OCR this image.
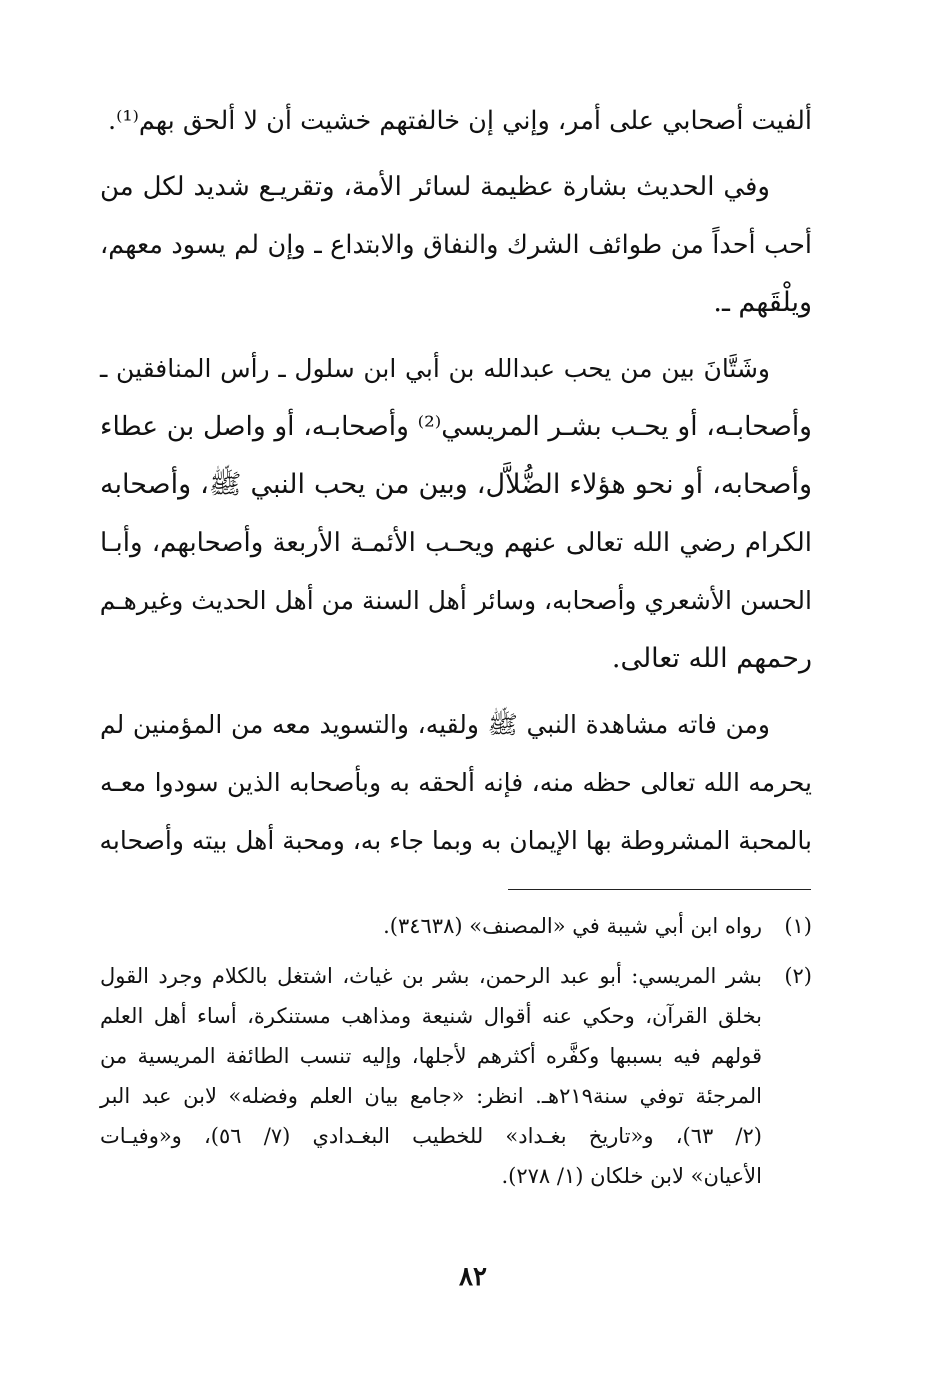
ألفيت أصحابي على أمر، وإني إن خالفتهم خشيت أن لا ألحق بهم⁽¹⁾.
وفي الحديث بشارة عظيمة لسائر الأمة، وتقريـع شديد لكل من
أحب أحداً من طوائف الشرك والنفاق والابتداع ـ وإن لم يسود معهم،
ويلْقَهم ـ.
وشَتَّانَ بين من يحب عبدالله بن أبي ابن سلول ـ رأس المنافقين ـ
وأصحابـه، أو يحـب بشـر المريسي⁽²⁾ وأصحابـه، أو واصل بن عطاء
وأصحابه، أو نحو هؤلاء الضُّلاَّل، وبين من يحب النبي ﷺ، وأصحابه
الكرام رضي الله تعالى عنهم ويحـب الأئمـة الأربعة وأصحابهم، وأبـا
الحسن الأشعري وأصحابه، وسائر أهل السنة من أهل الحديث وغيرهـم
رحمهم الله تعالى.
ومن فاته مشاهدة النبي ﷺ ولقيه، والتسويد معه من المؤمنين لم
يحرمه الله تعالى حظه منه، فإنه ألحقه به وبأصحابه الذين سودوا معـه
بالمحبة المشروطة بها الإيمان به وبما جاء به، ومحبة أهل بيته وأصحابه
(١)
رواه ابن أبي شيبة في «المصنف» (٣٤٦٣٨).
(٢)
بشر المريسي: أبو عبد الرحمن، بشر بن غياث، اشتغل بالكلام وجرد القول
بخلق القرآن، وحكي عنه أقوال شنيعة ومذاهب مستنكرة، أساء أهل العلم
قولهم فيه بسببها وكفَّره أكثرهم لأجلها، وإليه تنسب الطائفة المريسية من
المرجئة توفي سنة٢١٩هـ. انظر: «جامع بيان العلم وفضله» لابن عبد البر
(٢/ ٦٣)، و«تاريخ بغـداد» للخطيب البغـدادي (٧/ ٥٦)، و«وفيـات
الأعيان» لابن خلكان (١/ ٢٧٨).
٨٢
